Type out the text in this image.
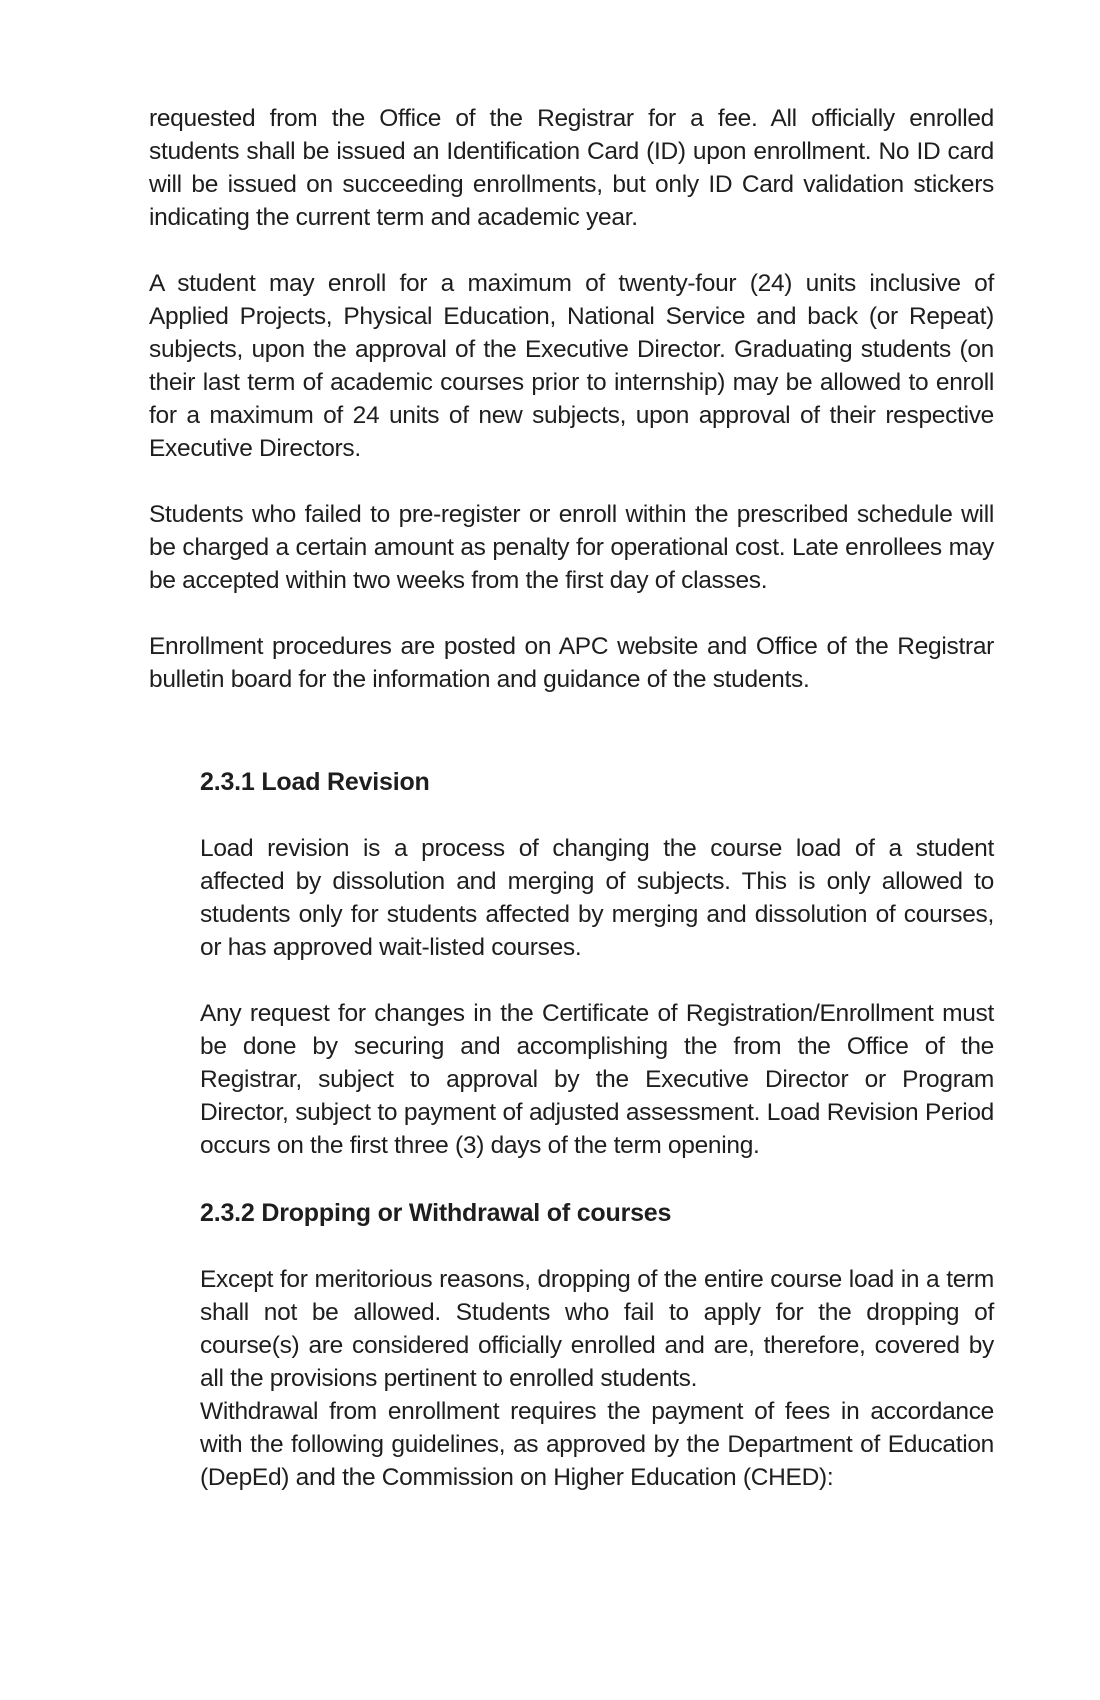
requested from the Office of the Registrar for a fee. All officially enrolled students shall be issued an Identification Card (ID) upon enrollment. No ID card will be issued on succeeding enrollments, but only ID Card validation stickers indicating the current term and academic year.

A student may enroll for a maximum of twenty-four (24) units inclusive of Applied Projects, Physical Education, National Service and back (or Repeat) subjects, upon the approval of the Executive Director. Graduating students (on their last term of academic courses prior to internship) may be allowed to enroll for a maximum of 24 units of new subjects, upon approval of their respective Executive Directors.

Students who failed to pre-register or enroll within the prescribed schedule will be charged a certain amount as penalty for operational cost. Late enrollees may be accepted within two weeks from the first day of classes.

Enrollment procedures are posted on APC website and Office of the Registrar bulletin board for the information and guidance of the students.

2.3.1 Load Revision

Load revision is a process of changing the course load of a student affected by dissolution and merging of subjects. This is only allowed to students only for students affected by merging and dissolution of courses, or has approved wait-listed courses.

Any request for changes in the Certificate of Registration/Enrollment must be done by securing and accomplishing the from the Office of the Registrar, subject to approval by the Executive Director or Program Director, subject to payment of adjusted assessment. Load Revision Period occurs on the first three (3) days of the term opening.

2.3.2 Dropping or Withdrawal of courses

Except for meritorious reasons, dropping of the entire course load in a term shall not be allowed. Students who fail to apply for the dropping of course(s) are considered officially enrolled and are, therefore, covered by all the provisions pertinent to enrolled students.

Withdrawal from enrollment requires the payment of fees in accordance with the following guidelines, as approved by the Department of Education (DepEd) and the Commission on Higher Education (CHED):
